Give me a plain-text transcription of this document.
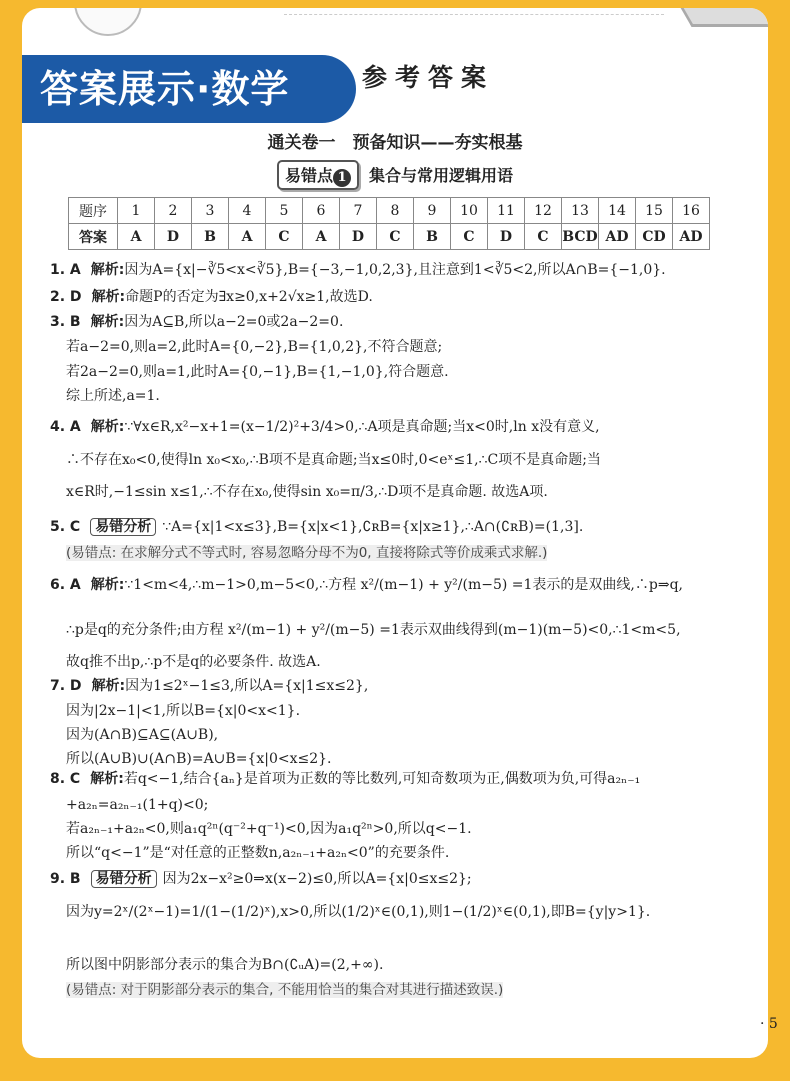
答案展示·数学	参考答案
通关卷一　预备知识——夯实根基
易错点 1 集合与常用逻辑用语
题序	1	2	3	4	5	6	7	8	9	10	11	12	13	14	15	16
答案	A	D	B	A	C	A	D	C	B	C	D	C	BCD	AD	CD	AD
1. A 解析:因为A={x|−∛5<x<∛5},B={−3,−1,0,2,3},且注意到1<∛5<2,所以A∩B={−1,0}.
2. D 解析:命题P的否定为∃x≥0,x+2√x≥1,故选D.
3. B 解析:因为A⊆B,所以a−2=0或2a−2=0.
若a−2=0,则a=2,此时A={0,−2},B={1,0,2},不符合题意;
若2a−2=0,则a=1,此时A={0,−1},B={1,−1,0},符合题意.
综上所述,a=1.
4. A 解析:∵∀x∈R,x²−x+1=(x−1/2)²+3/4>0,∴A项是真命题;当x<0时,ln x没有意义,
∴不存在x₀<0,使得ln x₀<x₀,∴B项不是真命题;当x≤0时,0<eˣ≤1,∴C项不是真命题;当
x∈R时,−1≤sin x≤1,∴不存在x₀,使得sin x₀=π/3,∴D项不是真命题. 故选A项.
5. C 易错分析 ∵A={x|1<x≤3},B={x|x<1},∁ʀB={x|x≥1},∴A∩(∁ʀB)=(1,3].
(易错点: 在求解分式不等式时, 容易忽略分母不为0, 直接将除式等价成乘式求解.)
6. A 解析:∵1<m<4,∴m−1>0,m−5<0,∴方程 x²/(m−1) + y²/(m−5) =1表示的是双曲线,∴p⇒q,
∴p是q的充分条件;由方程 x²/(m−1) + y²/(m−5) =1表示双曲线得到(m−1)(m−5)<0,∴1<m<5,
故q推不出p,∴p不是q的必要条件. 故选A.
7. D 解析:因为1≤2ˣ−1≤3,所以A={x|1≤x≤2},
因为|2x−1|<1,所以B={x|0<x<1}.
因为(A∩B)⊆A⊆(A∪B),
所以(A∪B)∪(A∩B)=A∪B={x|0<x≤2}.
8. C 解析:若q<−1,结合{aₙ}是首项为正数的等比数列,可知奇数项为正,偶数项为负,可得a₂ₙ₋₁
+a₂ₙ=a₂ₙ₋₁(1+q)<0;
若a₂ₙ₋₁+a₂ₙ<0,则a₁q²ⁿ(q⁻²+q⁻¹)<0,因为a₁q²ⁿ>0,所以q<−1.
所以“q<−1”是“对任意的正整数n,a₂ₙ₋₁+a₂ₙ<0”的充要条件.
9. B 易错分析 因为2x−x²≥0⇒x(x−2)≤0,所以A={x|0≤x≤2};
因为y=2ˣ/(2ˣ−1)=1/(1−(1/2)ˣ),x>0,所以(1/2)ˣ∈(0,1),则1−(1/2)ˣ∈(0,1),即B={y|y>1}.
所以图中阴影部分表示的集合为B∩(∁ᵤA)=(2,+∞).
(易错点: 对于阴影部分表示的集合, 不能用恰当的集合对其进行描述致误.)
· 5
